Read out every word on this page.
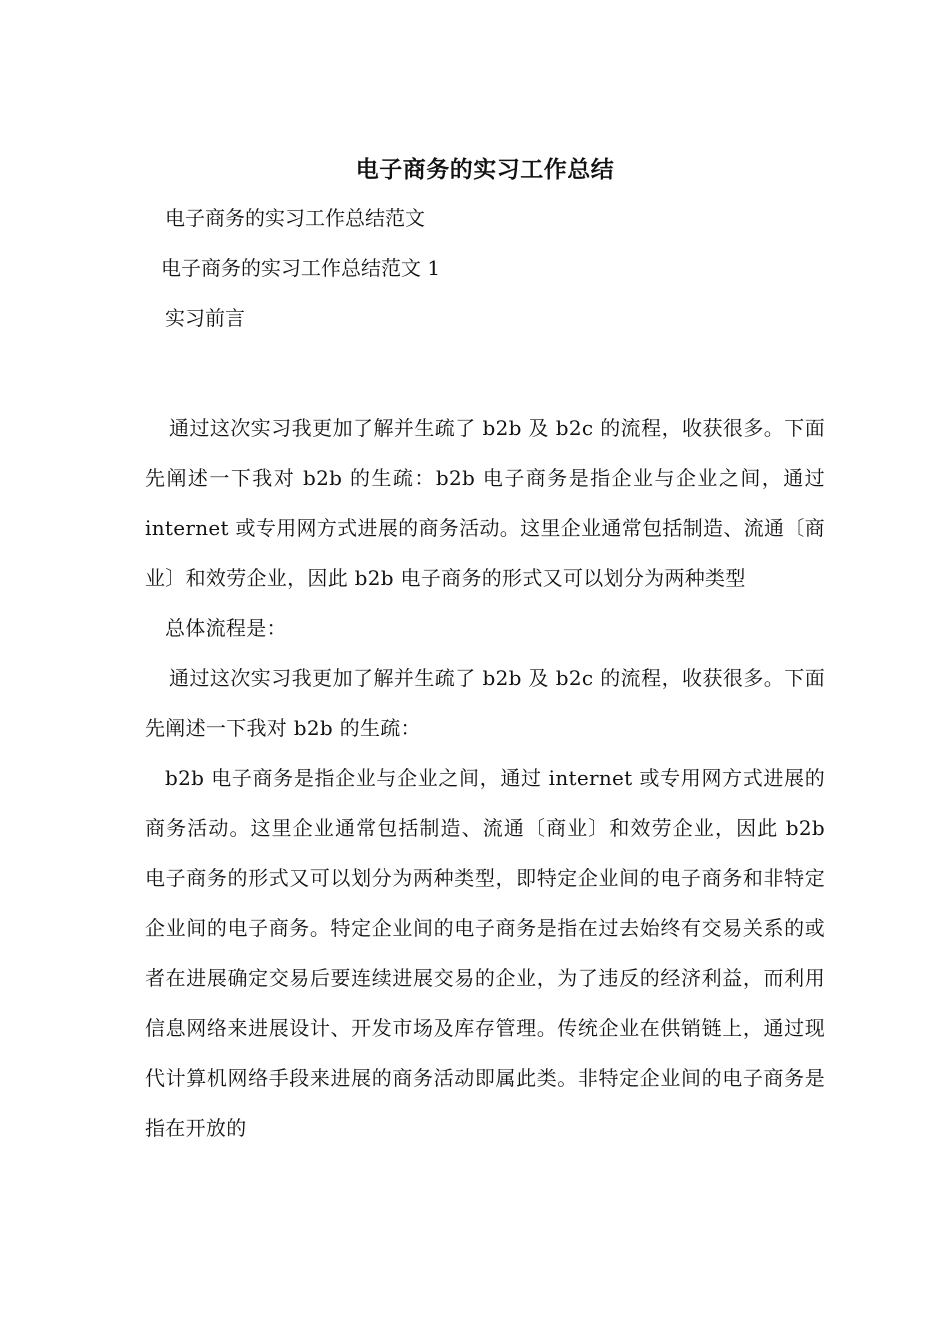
电子商务的实习工作总结

电子商务的实习工作总结范文

电子商务的实习工作总结范文 1

实习前言

通过这次实习我更加了解并生疏了 b2b 及 b2c 的流程，收获很多。下面先阐述一下我对 b2b 的生疏：b2b 电子商务是指企业与企业之间，通过 internet 或专用网方式进展的商务活动。这里企业通常包括制造、流通〔商业〕和效劳企业，因此 b2b 电子商务的形式又可以划分为两种类型

总体流程是：

通过这次实习我更加了解并生疏了 b2b 及 b2c 的流程，收获很多。下面先阐述一下我对 b2b 的生疏：

b2b 电子商务是指企业与企业之间，通过 internet 或专用网方式进展的商务活动。这里企业通常包括制造、流通〔商业〕和效劳企业，因此 b2b 电子商务的形式又可以划分为两种类型，即特定企业间的电子商务和非特定企业间的电子商务。特定企业间的电子商务是指在过去始终有交易关系的或者在进展确定交易后要连续进展交易的企业，为了违反的经济利益，而利用信息网络来进展设计、开发市场及库存管理。传统企业在供销链上，通过现代计算机网络手段来进展的商务活动即属此类。非特定企业间的电子商务是指在开放的
